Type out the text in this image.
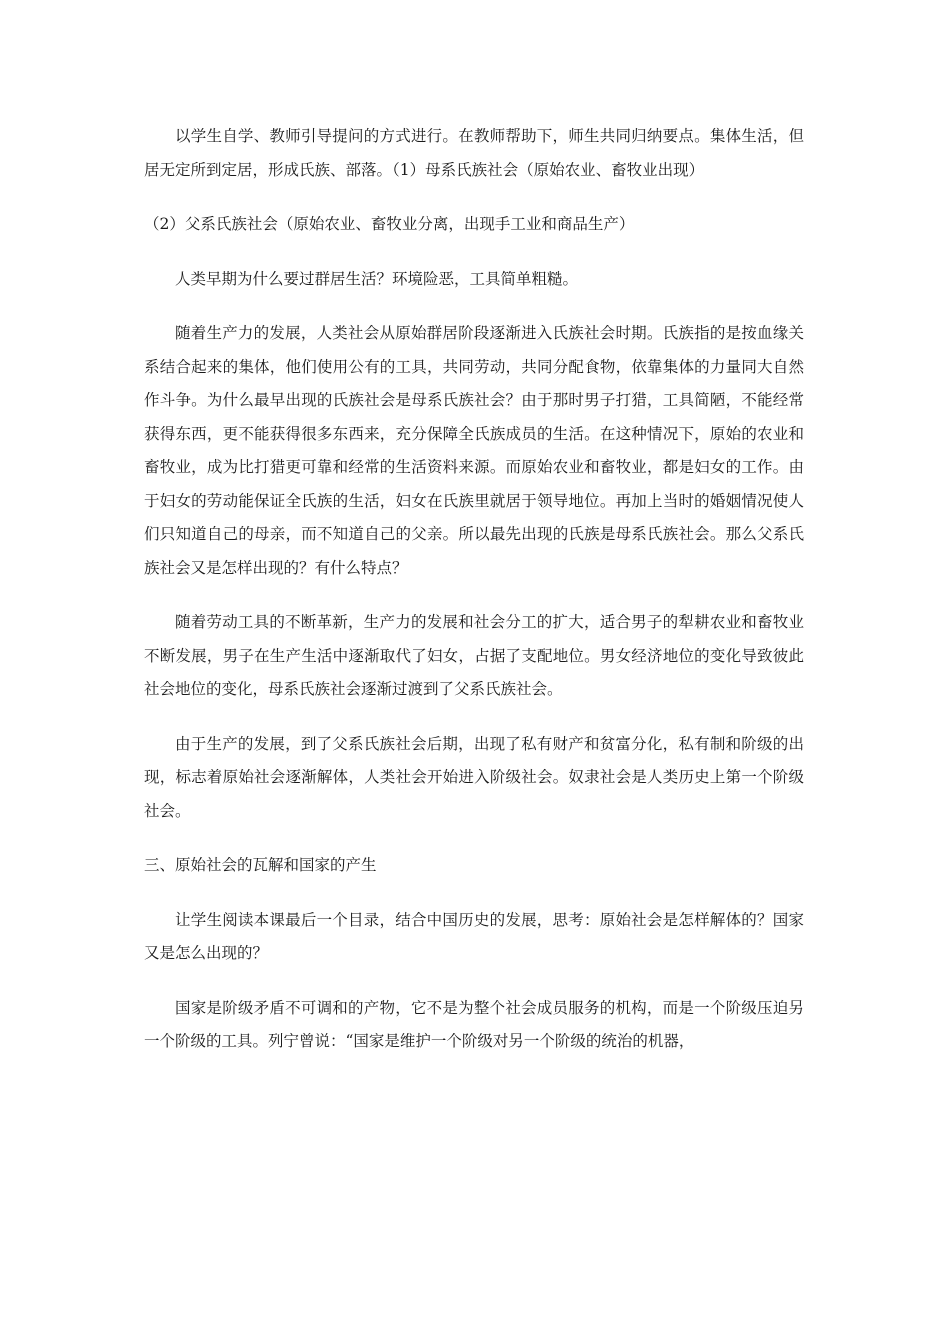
以学生自学、教师引导提问的方式进行。在教师帮助下，师生共同归纳要点。集体生活，但居无定所到定居，形成氏族、部落。（1）母系氏族社会（原始农业、畜牧业出现）

（2）父系氏族社会（原始农业、畜牧业分离，出现手工业和商品生产）

人类早期为什么要过群居生活？环境险恶，工具简单粗糙。

随着生产力的发展，人类社会从原始群居阶段逐渐进入氏族社会时期。氏族指的是按血缘关系结合起来的集体，他们使用公有的工具，共同劳动，共同分配食物，依靠集体的力量同大自然作斗争。为什么最早出现的氏族社会是母系氏族社会？由于那时男子打猎，工具简陋，不能经常获得东西，更不能获得很多东西来，充分保障全氏族成员的生活。在这种情况下，原始的农业和畜牧业，成为比打猎更可靠和经常的生活资料来源。而原始农业和畜牧业，都是妇女的工作。由于妇女的劳动能保证全氏族的生活，妇女在氏族里就居于领导地位。再加上当时的婚姻情况使人们只知道自己的母亲，而不知道自己的父亲。所以最先出现的氏族是母系氏族社会。那么父系氏族社会又是怎样出现的？有什么特点？

随着劳动工具的不断革新，生产力的发展和社会分工的扩大，适合男子的犁耕农业和畜牧业不断发展，男子在生产生活中逐渐取代了妇女，占据了支配地位。男女经济地位的变化导致彼此社会地位的变化，母系氏族社会逐渐过渡到了父系氏族社会。

由于生产的发展，到了父系氏族社会后期，出现了私有财产和贫富分化，私有制和阶级的出现，标志着原始社会逐渐解体，人类社会开始进入阶级社会。奴隶社会是人类历史上第一个阶级社会。

三、原始社会的瓦解和国家的产生

让学生阅读本课最后一个目录，结合中国历史的发展，思考：原始社会是怎样解体的？国家又是怎么出现的？

国家是阶级矛盾不可调和的产物，它不是为整个社会成员服务的机构，而是一个阶级压迫另一个阶级的工具。列宁曾说：“国家是维护一个阶级对另一个阶级的统治的机器，
